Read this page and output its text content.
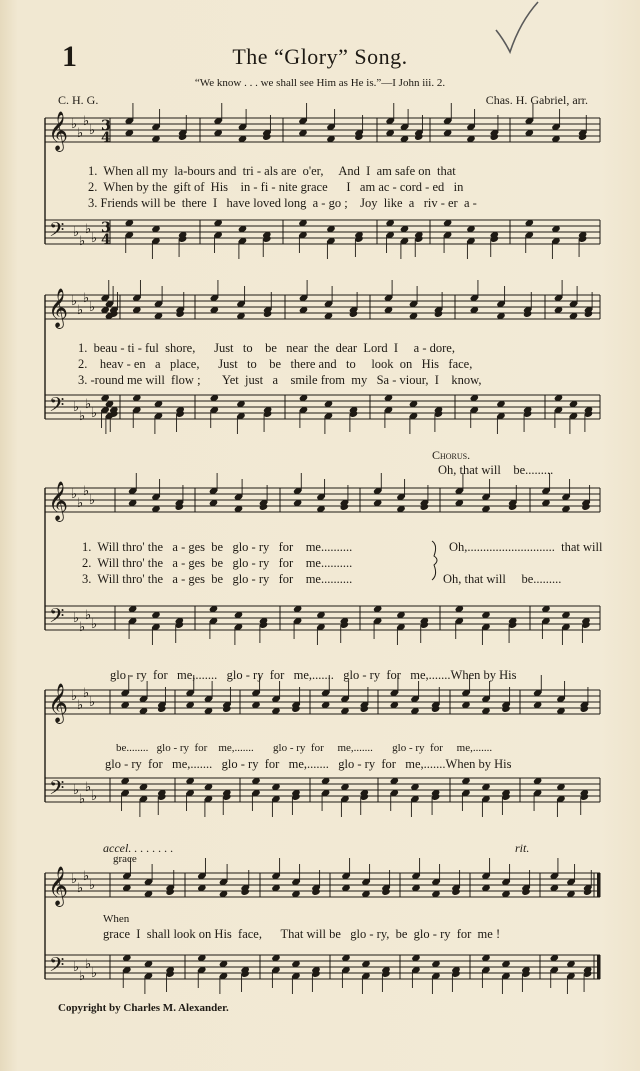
1	The “Glory” Song.
“We know . . . we shall see Him as He is.”—I John iii. 2.
C. H. G.	Chas. H. Gabriel, arr.
𝄞
𝄢
♭
♭
♭
♭
♭
♭
♭
♭
3
4
3
4
𝄞
𝄢
♭
♭
♭
♭
♭
♭
♭
♭
𝄞
𝄢
♭
♭
♭
♭
♭
♭
♭
♭
𝄞
𝄢
♭
♭
♭
♭
♭
♭
♭
♭
𝄞
𝄢
♭
♭
♭
♭
♭
♭
♭
♭
1.  When all my  la-bours and  tri - als are  o'er,     And  I  am safe on  that
2.  When by the  gift of  His    in - fi - nite grace      I   am ac - cord - ed   in
3. Friends will be  there  I   have loved long  a - go ;    Joy  like  a   riv - er  a -
1.  beau - ti - ful  shore,      Just   to    be   near  the  dear  Lord  I     a - dore,
2.    heav - en   a   place,      Just   to    be   there and   to     look  on   His   face,
3. -round me will  flow ;       Yet  just   a    smile from  my   Sa - viour,  I    know,
Chorus.
Oh, that will    be.........
1.  Will thro' the   a - ges  be   glo - ry   for    me..........
2.  Will thro' the   a - ges  be   glo - ry   for    me..........
3.  Will thro' the   a - ges  be   glo - ry   for    me..........
Oh,............................  that will
Oh, that will     be.........
glo - ry  for   me,.......   glo - ry  for   me,.......   glo - ry  for   me,.......When by His
be........   glo - ry  for    me,.......       glo - ry  for     me,.......       glo - ry  for     me,.......
glo - ry  for   me,.......   glo - ry  for   me,.......   glo - ry  for   me,.......When by His
accel. . . . . . . .	rit.
grace
When
grace  I  shall look on His  face,      That will be   glo - ry,  be  glo - ry  for  me !
Copyright by Charles M. Alexander.
